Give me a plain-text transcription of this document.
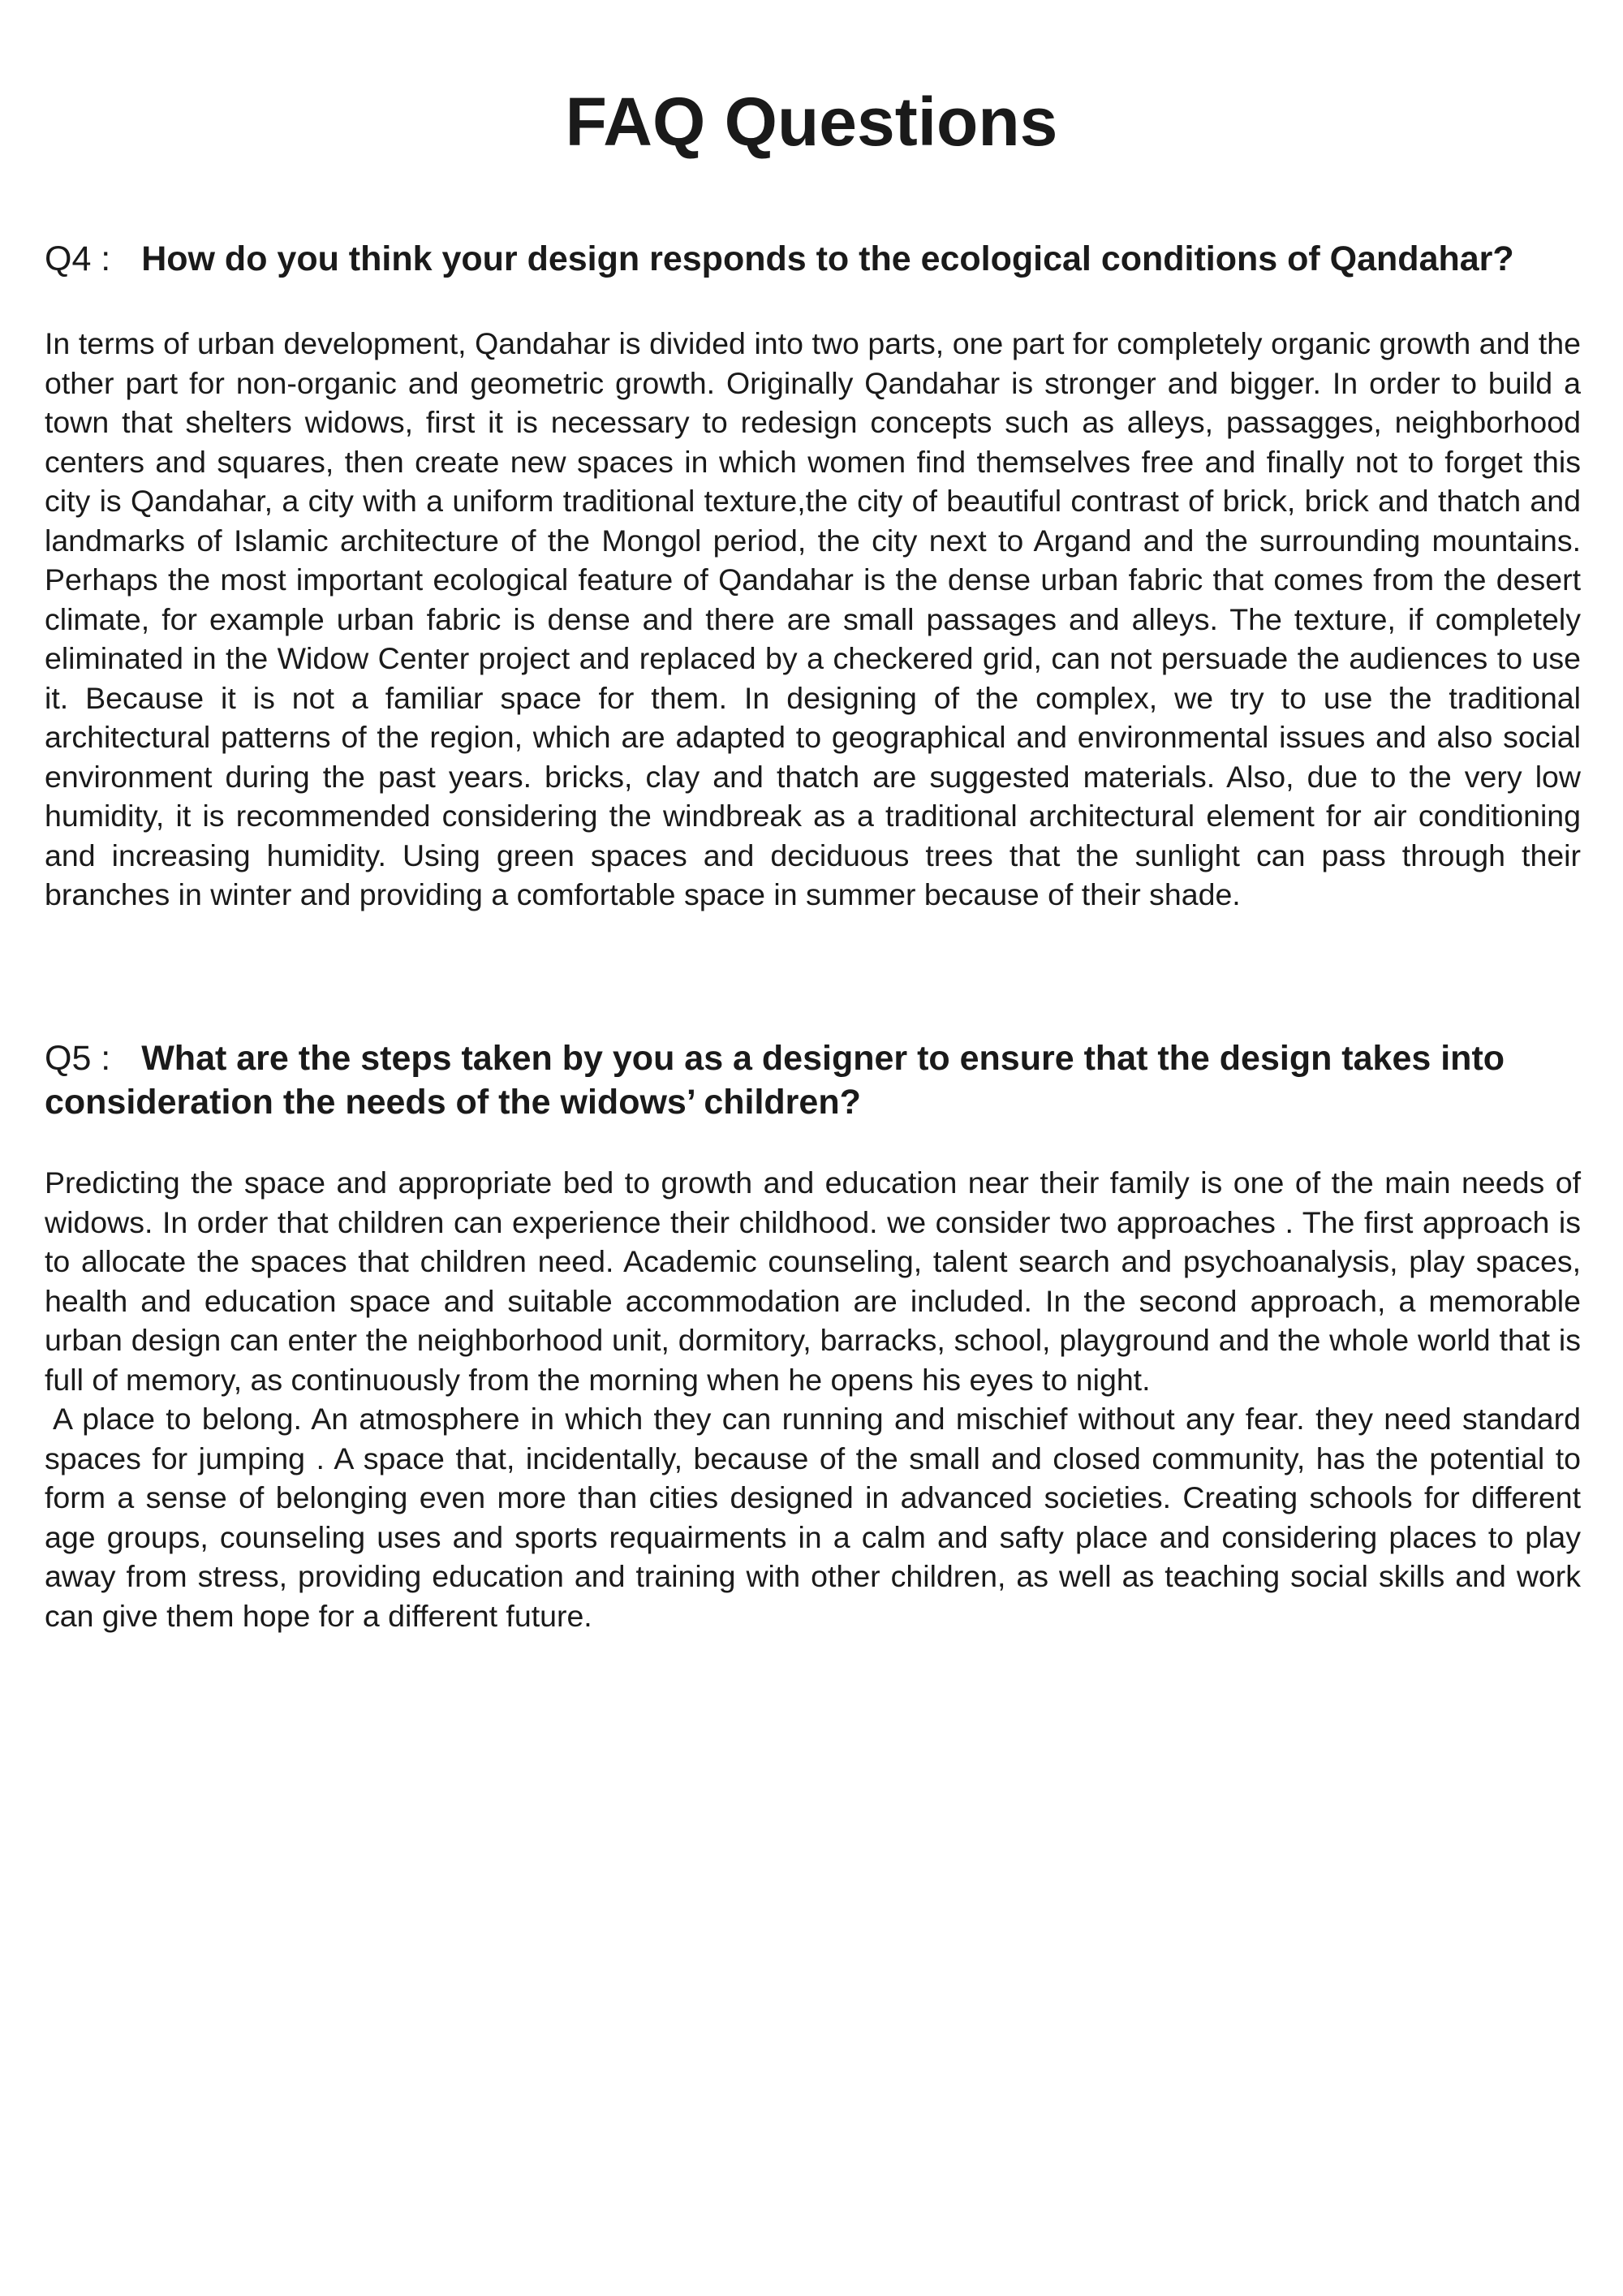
FAQ Questions
Q4 : How do you think your design responds to the ecological conditions of Qandahar?

In terms of urban development, Qandahar is divided into two parts, one part for completely organic growth and the other part for non-organic and geometric growth. Originally Qandahar is stronger and bigger. In order to build a town that shelters widows, first it is necessary to redesign concepts such as alleys, passagges, neighborhood centers and squares, then create new spaces in which women find themselves free and finally not to forget this city is Qandahar, a city with a uniform traditional texture,the city of beautiful contrast of brick, brick and thatch and landmarks of Islamic architecture of the Mongol period, the city next to Argand and the surrounding mountains. Perhaps the most important ecological feature of Qandahar is the dense urban fabric that comes from the desert climate, for example urban fabric is dense and there are small passages and alleys. The texture, if completely eliminated in the Widow Center project and replaced by a checkered grid, can not persuade the audiences to use it. Because it is not a familiar space for them. In designing of the complex, we try to use the traditional architectural patterns of the region, which are adapted to geographical and environmental issues and also social environment during the past years. bricks, clay and thatch are suggested materials. Also, due to the very low humidity, it is recommended considering the windbreak as a traditional architectural element for air conditioning and increasing humidity. Using green spaces and deciduous trees that the sunlight can pass through their branches in winter and providing a comfortable space in summer because of their shade.

Q5 : What are the steps taken by you as a designer to ensure that the design takes into consideration the needs of the widows’ children?

Predicting the space and appropriate bed to growth and education near their family is one of the main needs of widows. In order that children can experience their childhood. we consider two approaches . The first approach is to allocate the spaces that children need. Academic counseling, talent search and psychoanalysis, play spaces, health and education space and suitable accommodation are included. In the second approach, a memorable urban design can enter the neighborhood unit, dormitory, barracks, school, playground and the whole world that is full of memory, as continuously from the morning when he opens his eyes to night.

A place to belong. An atmosphere in which they can running and mischief without any fear. they need standard spaces for jumping . A space that, incidentally, because of the small and closed community, has the potential to form a sense of belonging even more than cities designed in advanced societies. Creating schools for different age groups, counseling uses and sports requairments in a calm and safty place and considering places to play away from stress, providing education and training with other children, as well as teaching social skills and work can give them hope for a different future.
